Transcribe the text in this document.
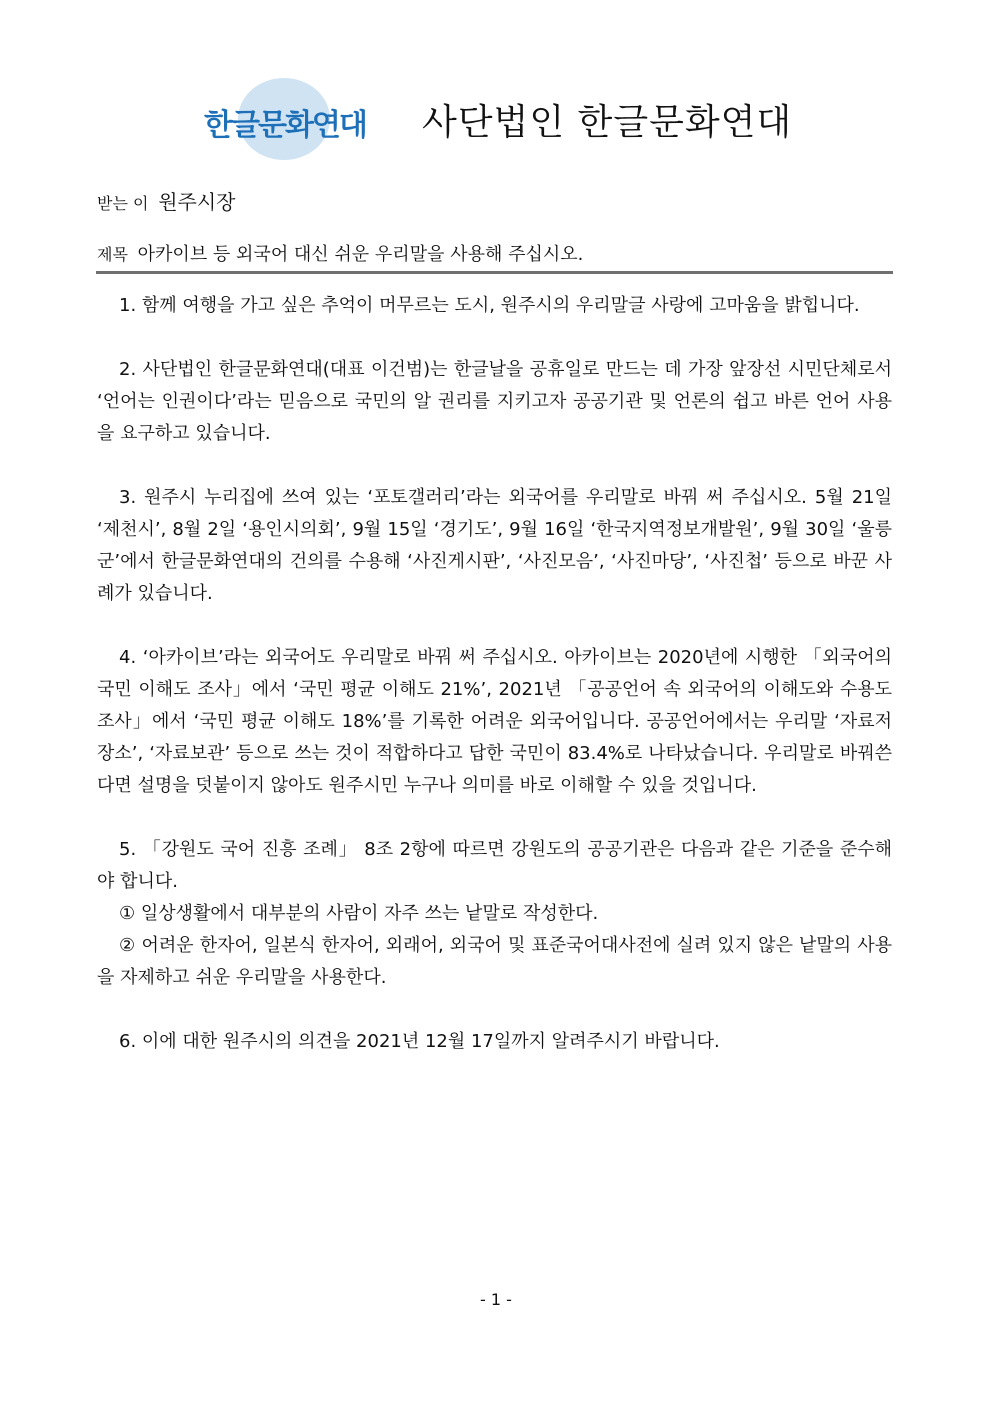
한글문화연대 사단법인 한글문화연대
받는 이 원주시장
제목 아카이브 등 외국어 대신 쉬운 우리말을 사용해 주십시오.

1. 함께 여행을 가고 싶은 추억이 머무르는 도시, 원주시의 우리말글 사랑에 고마움을 밝힙니다.

2. 사단법인 한글문화연대(대표 이건범)는 한글날을 공휴일로 만드는 데 가장 앞장선 시민단체로서 ‘언어는 인권이다’라는 믿음으로 국민의 알 권리를 지키고자 공공기관 및 언론의 쉽고 바른 언어 사용을 요구하고 있습니다.

3. 원주시 누리집에 쓰여 있는 ‘포토갤러리’라는 외국어를 우리말로 바꿔 써 주십시오. 5월 21일 ‘제천시’, 8월 2일 ‘용인시의회’, 9월 15일 ‘경기도’, 9월 16일 ‘한국지역정보개발원’, 9월 30일 ‘울릉군’에서 한글문화연대의 건의를 수용해 ‘사진게시판’, ‘사진모음’, ‘사진마당’, ‘사진첩’ 등으로 바꾼 사례가 있습니다.

4. ‘아카이브’라는 외국어도 우리말로 바꿔 써 주십시오. 아카이브는 2020년에 시행한 「외국어의 국민 이해도 조사」에서 ‘국민 평균 이해도 21%’, 2021년 「공공언어 속 외국어의 이해도와 수용도 조사」에서 ‘국민 평균 이해도 18%’를 기록한 어려운 외국어입니다. 공공언어에서는 우리말 ‘자료저장소’, ‘자료보관’ 등으로 쓰는 것이 적합하다고 답한 국민이 83.4%로 나타났습니다. 우리말로 바꿔쓴다면 설명을 덧붙이지 않아도 원주시민 누구나 의미를 바로 이해할 수 있을 것입니다.

5. 「강원도 국어 진흥 조례」 8조 2항에 따르면 강원도의 공공기관은 다음과 같은 기준을 준수해야 합니다.

① 일상생활에서 대부분의 사람이 자주 쓰는 낱말로 작성한다.

② 어려운 한자어, 일본식 한자어, 외래어, 외국어 및 표준국어대사전에 실려 있지 않은 낱말의 사용을 자제하고 쉬운 우리말을 사용한다.

6. 이에 대한 원주시의 의견을 2021년 12월 17일까지 알려주시기 바랍니다.

- 1 -
